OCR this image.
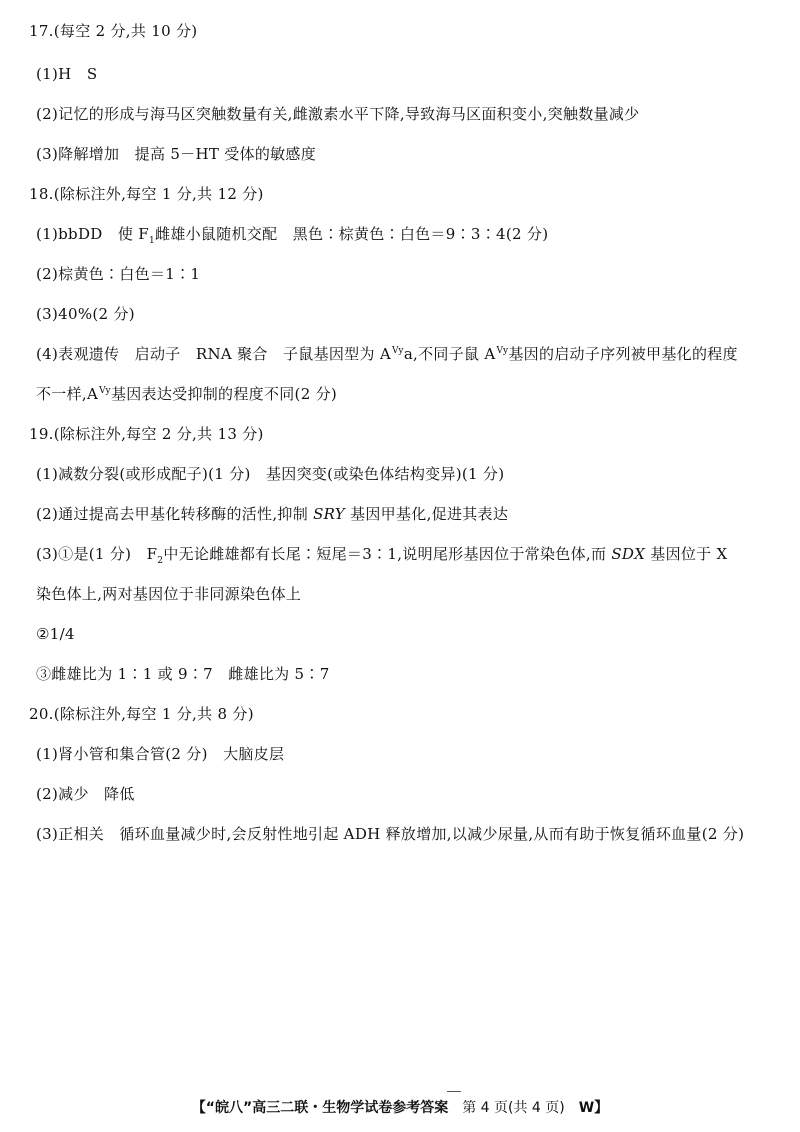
17.(每空 2 分,共 10 分)
(1)H　S
(2)记忆的形成与海马区突触数量有关,雌激素水平下降,导致海马区面积变小,突触数量减少
(3)降解增加　提高 5－HT 受体的敏感度
18.(除标注外,每空 1 分,共 12 分)
(1)bbDD　使 $F_1$雌雄小鼠随机交配　黑色∶棕黄色∶白色＝9∶3∶4(2 分)
(2)棕黄色∶白色＝1∶1
(3)40%(2 分)
(4)表观遗传　启动子　RNA 聚合　子鼠基因型为 $A^{Vy}a$,不同子鼠 $A^{Vy}$基因的启动子序列被甲基化的程度
不一样$,A^{Vy}$基因表达受抑制的程度不同(2 分)
19.(除标注外,每空 2 分,共 13 分)
(1)减数分裂(或形成配子)(1 分)　基因突变(或染色体结构变异)(1 分)
(2)通过提高去甲基化转移酶的活性,抑制 SRY 基因甲基化,促进其表达
(3)①是(1 分)　$F_2$中无论雌雄都有长尾∶短尾＝3∶1,说明尾形基因位于常染色体,而 SDX 基因位于 X
染色体上,两对基因位于非同源染色体上
②1/4
③雌雄比为 1∶1 或 9∶7　雌雄比为 5∶7
20.(除标注外,每空 1 分,共 8 分)
(1)肾小管和集合管(2 分)　大脑皮层
(2)减少　降低
(3)正相关　循环血量减少时,会反射性地引起 ADH 释放增加,以减少尿量,从而有助于恢复循环血量(2 分)
【“皖八”高三二联・生物学试卷参考答案　第 4 页(共 4 页)　W】
